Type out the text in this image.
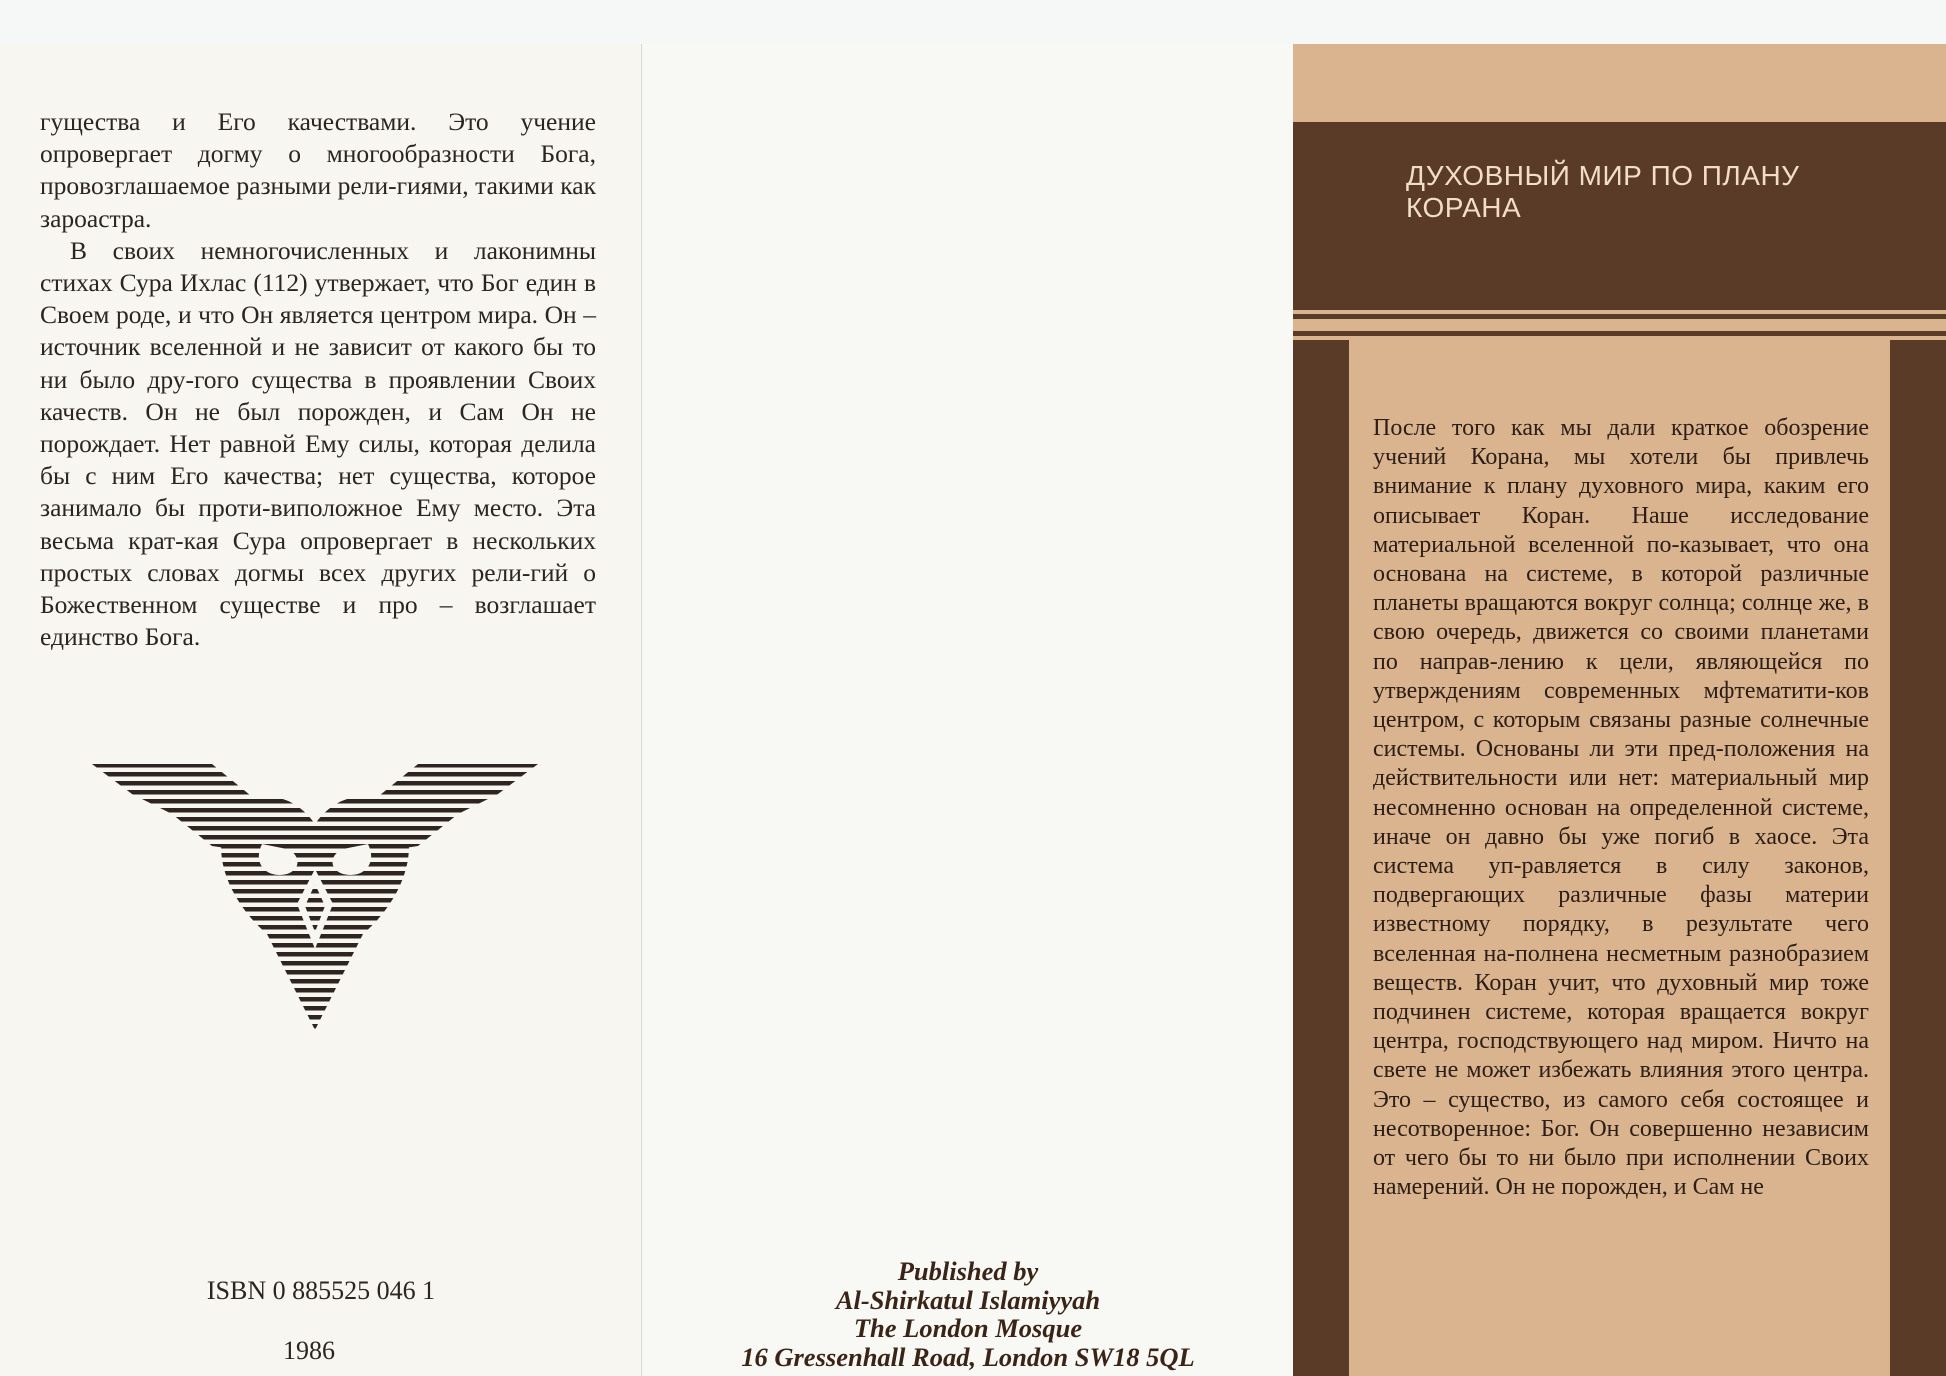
гущества и Его качествами. Это учение опровергает догму о многообразности Бога, провозглашаемое разными рели-гиями, такими как зароастра.

В своих немногочисленных и лаконимны стихах Сура Ихлас (112) утвержает, что Бог един в Своем роде, и что Он является центром мира. Он – источник вселенной и не зависит от какого бы то ни было дру-гого существа в проявлении Своих качеств. Он не был порожден, и Сам Он не порождает. Нет равной Ему силы, которая делила бы с ним Его качества; нет существа, которое занимало бы проти-виположное Ему место. Эта весьма крат-кая Сура опровергает в нескольких простых словах догмы всех других рели-гий о Божественном существе и про – возглашает единство Бога.

ISBN 0 885525 046 1
1986
Published by
Al-Shirkatul Islamiyyah
The London Mosque
16 Gressenhall Road, London SW18 5QL
ДУХОВНЫЙ МИР ПО ПЛАНУ КОРАНА
После того как мы дали краткое обозрение учений Корана, мы хотели бы привлечь внимание к плану духовного мира, каким его описывает Коран. Наше исследование материальной вселенной по-казывает, что она основана на системе, в которой различные планеты вращаются вокруг солнца; солнце же, в свою очередь, движется со своими планетами по направ-лению к цели, являющейся по утверждениям современных мфтематити-ков центром, с которым связаны разные солнечные системы. Основаны ли эти пред-положения на действительности или нет: материальный мир несомненно основан на определенной системе, иначе он давно бы уже погиб в хаосе. Эта система уп-равляется в силу законов, подвергающих различные фазы материи известному порядку, в результате чего вселенная на-полнена несметным разнобразием веществ. Коран учит, что духовный мир тоже подчинен системе, которая вращается вокруг центра, господствующего над миром. Ничто на свете не может избежать влияния этого центра. Это – существо, из самого себя состоящее и несотворенное: Бог. Он совершенно независим от чего бы то ни было при исполнении Своих намерений. Он не порожден, и Сам не
